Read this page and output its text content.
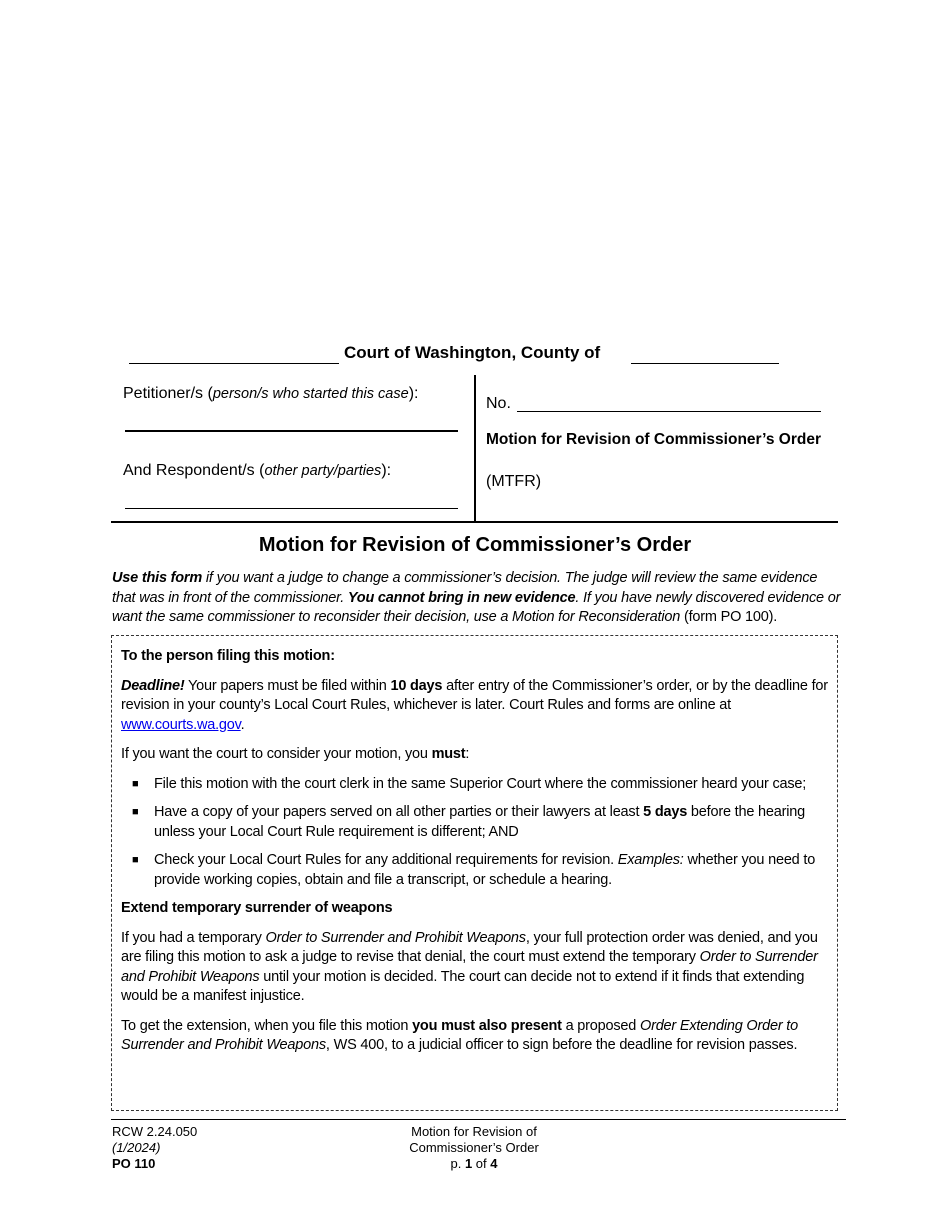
Court of Washington, County of
Petitioner/s (person/s who started this case):
And Respondent/s (other party/parties):
No.
Motion for Revision of Commissioner’s Order
(MTFR)
Motion for Revision of Commissioner’s Order
Use this form if you want a judge to change a commissioner’s decision. The judge will review the same evidence that was in front of the commissioner. You cannot bring in new evidence. If you have newly discovered evidence or want the same commissioner to reconsider their decision, use a Motion for Reconsideration (form PO 100).
To the person filing this motion:

Deadline! Your papers must be filed within 10 days after entry of the Commissioner’s order, or by the deadline for revision in your county’s Local Court Rules, whichever is later. Court Rules and forms are online at www.courts.wa.gov.

If you want the court to consider your motion, you must:

■ File this motion with the court clerk in the same Superior Court where the commissioner heard your case;
■ Have a copy of your papers served on all other parties or their lawyers at least 5 days before the hearing unless your Local Court Rule requirement is different; AND
■ Check your Local Court Rules for any additional requirements for revision. Examples: whether you need to provide working copies, obtain and file a transcript, or schedule a hearing.
Extend temporary surrender of weapons

If you had a temporary Order to Surrender and Prohibit Weapons, your full protection order was denied, and you are filing this motion to ask a judge to revise that denial, the court must extend the temporary Order to Surrender and Prohibit Weapons until your motion is decided. The court can decide not to extend if it finds that extending would be a manifest injustice.

To get the extension, when you file this motion you must also present a proposed Order Extending Order to Surrender and Prohibit Weapons, WS 400, to a judicial officer to sign before the deadline for revision passes.

RCW 2.24.050
(1/2024)
PO 110
Motion for Revision of
Commissioner’s Order
p. 1 of 4
